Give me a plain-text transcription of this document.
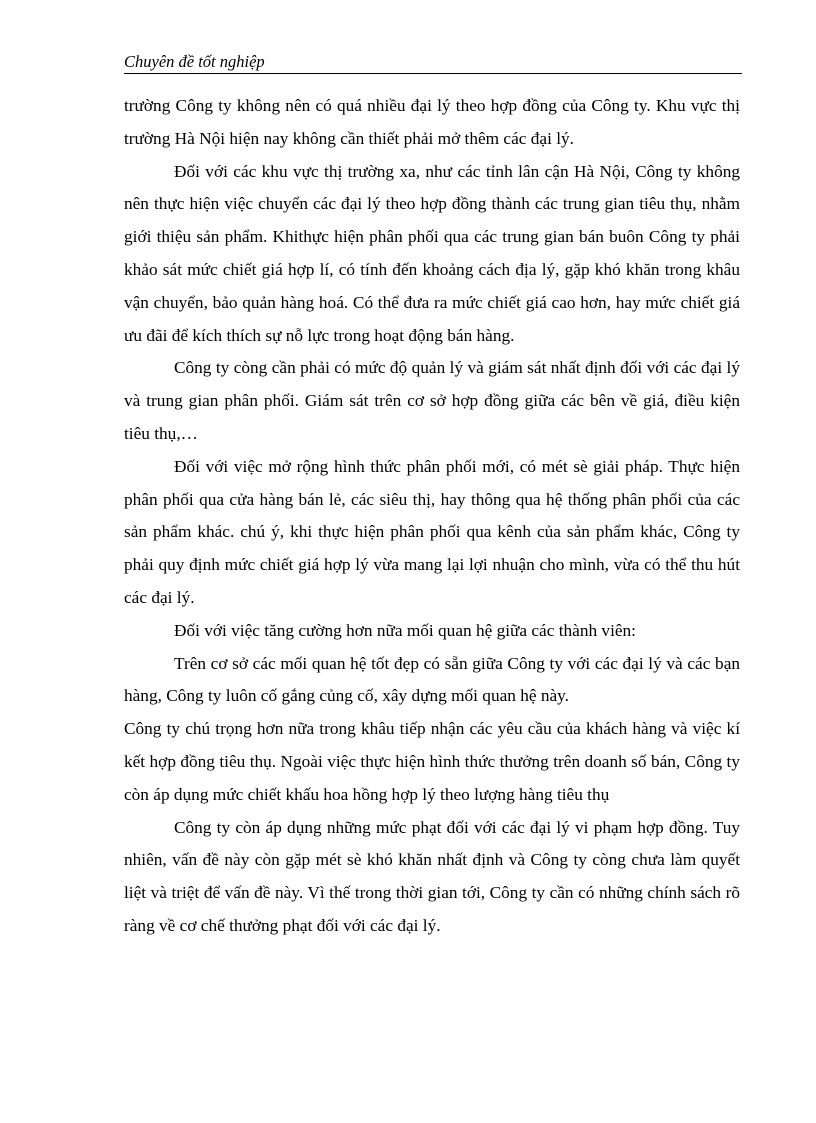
Chuyên đề tốt nghiệp

trường Công ty không nên có quá nhiều đại lý theo hợp đồng của Công ty. Khu vực thị trường Hà Nội hiện nay không cần thiết phải mở thêm các đại lý.

Đối với các khu vực thị trường xa, như các tỉnh lân cận Hà Nội, Công ty không nên thực hiện việc chuyển các đại lý theo hợp đồng thành các trung gian tiêu thụ, nhằm giới thiệu sản phẩm. Khithực hiện phân phối qua các trung gian bán buôn Công ty phải khảo sát mức chiết giá hợp lí, có tính đến khoảng cách địa lý, gặp khó khăn trong khâu vận chuyển, bảo quản hàng hoá. Có thể đưa ra mức chiết giá cao hơn, hay mức chiết giá ưu đãi để kích thích sự nỗ lực trong hoạt động bán hàng.

Công ty còng cần phải có mức độ quản lý và giám sát nhất định đối với các đại lý và trung gian phân phối. Giám sát trên cơ sở hợp đồng giữa các bên về giá, điều kiện tiêu thụ,…

Đối với việc mở rộng hình thức phân phối mới, có mét sè giải pháp. Thực hiện phân phối qua cửa hàng bán lẻ, các siêu thị, hay thông qua hệ thống phân phối của các sản phẩm khác. chú ý, khi thực hiện phân phối qua kênh của sản phẩm khác, Công ty phải quy định mức chiết giá hợp lý vừa mang lại lợi nhuận cho mình, vừa có thể thu hút các đại lý.

Đối với việc tăng cường hơn nữa mối quan hệ giữa các thành viên:

Trên cơ sở các mối quan hệ tốt đẹp có sẵn giữa Công ty với các đại lý và các bạn hàng, Công ty luôn cố gắng củng cố, xây dựng mối quan hệ này.

Công ty chú trọng hơn nữa trong khâu tiếp nhận các yêu cầu của khách hàng và việc kí kết hợp đồng tiêu thụ. Ngoài việc thực hiện hình thức thưởng trên doanh số bán, Công ty còn áp dụng mức chiết khấu hoa hồng hợp lý theo lượng hàng tiêu thụ

Công ty còn áp dụng những mức phạt đối với các đại lý vi phạm hợp đồng. Tuy nhiên, vấn đề này còn gặp mét sè khó khăn nhất định và Công ty còng chưa làm quyết liệt và triệt để vấn đề này. Vì thế trong thời gian tới, Công ty cần có những chính sách rõ ràng về cơ chế thưởng phạt đối với các đại lý.
